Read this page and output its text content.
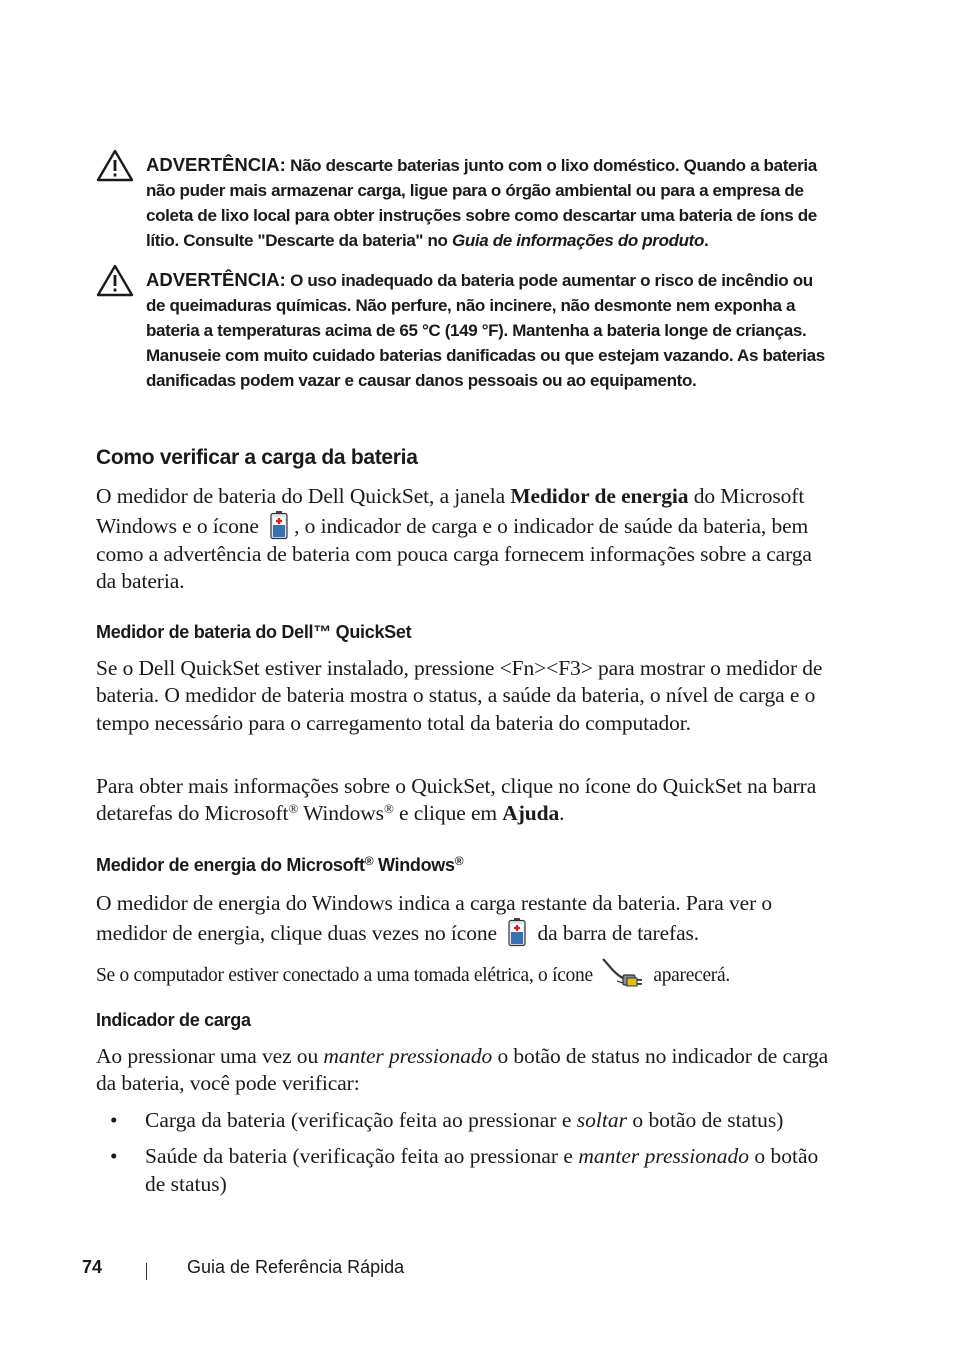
ADVERTÊNCIA: Não descarte baterias junto com o lixo doméstico. Quando a bateria não puder mais armazenar carga, ligue para o órgão ambiental ou para a empresa de coleta de lixo local para obter instruções sobre como descartar uma bateria de íons de lítio. Consulte "Descarte da bateria" no Guia de informações do produto.
ADVERTÊNCIA: O uso inadequado da bateria pode aumentar o risco de incêndio ou de queimaduras químicas. Não perfure, não incinere, não desmonte nem exponha a bateria a temperaturas acima de 65 °C (149 °F). Mantenha a bateria longe de crianças. Manuseie com muito cuidado baterias danificadas ou que estejam vazando. As baterias danificadas podem vazar e causar danos pessoais ou ao equipamento.
Como verificar a carga da bateria

O medidor de bateria do Dell QuickSet, a janela Medidor de energia do Microsoft Windows e o ícone , o indicador de carga e o indicador de saúde da bateria, bem como a advertência de bateria com pouca carga fornecem informações sobre a carga da bateria.

Medidor de bateria do Dell™ QuickSet

Se o Dell QuickSet estiver instalado, pressione <Fn><F3> para mostrar o medidor de bateria. O medidor de bateria mostra o status, a saúde da bateria, o nível de carga e o tempo necessário para o carregamento total da bateria do computador.

Para obter mais informações sobre o QuickSet, clique no ícone do QuickSet na barra detarefas do Microsoft® Windows® e clique em Ajuda.

Medidor de energia do Microsoft® Windows®

O medidor de energia do Windows indica a carga restante da bateria. Para ver o medidor de energia, clique duas vezes no ícone  da barra de tarefas.

Se o computador estiver conectado a uma tomada elétrica, o ícone	aparecerá.

Indicador de carga

Ao pressionar uma vez ou manter pressionado o botão de status no indicador de carga da bateria, você pode verificar:

• Carga da bateria (verificação feita ao pressionar e soltar o botão de status)
• Saúde da bateria (verificação feita ao pressionar e manter pressionado o botão de status)
74	Guia de Referência Rápida
